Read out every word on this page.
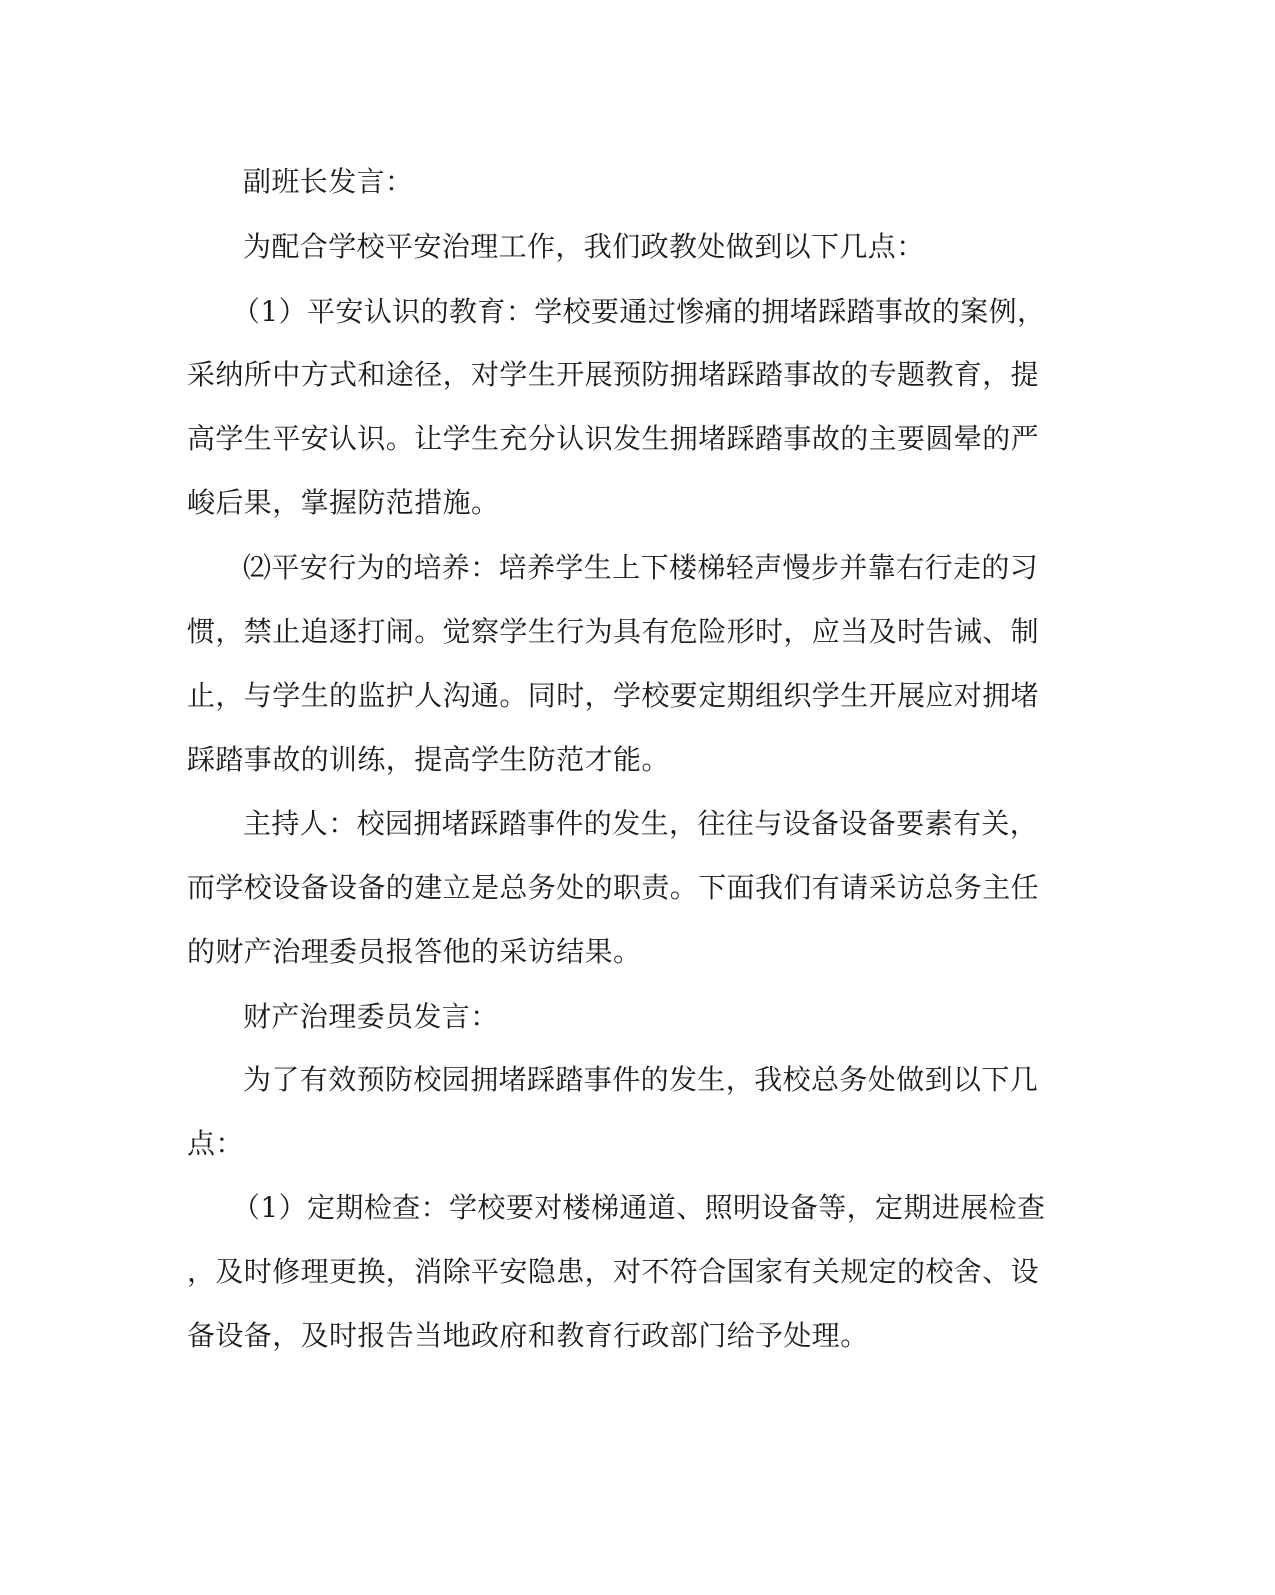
副班长发言：
为配合学校平安治理工作，我们政教处做到以下几点：
（1）平安认识的教育：学校要通过惨痛的拥堵踩踏事故的案例，
采纳所中方式和途径，对学生开展预防拥堵踩踏事故的专题教育，提
高学生平安认识。让学生充分认识发生拥堵踩踏事故的主要圆晕的严
峻后果，掌握防范措施。
⑵平安行为的培养：培养学生上下楼梯轻声慢步并靠右行走的习
惯，禁止追逐打闹。觉察学生行为具有危险形时，应当及时告诫、制
止，与学生的监护人沟通。同时，学校要定期组织学生开展应对拥堵
踩踏事故的训练，提高学生防范才能。
主持人：校园拥堵踩踏事件的发生，往往与设备设备要素有关，
而学校设备设备的建立是总务处的职责。下面我们有请采访总务主任
的财产治理委员报答他的采访结果。
财产治理委员发言：
为了有效预防校园拥堵踩踏事件的发生，我校总务处做到以下几
点：
（1）定期检查：学校要对楼梯通道、照明设备等，定期进展检查
，及时修理更换，消除平安隐患，对不符合国家有关规定的校舍、设
备设备，及时报告当地政府和教育行政部门给予处理。
